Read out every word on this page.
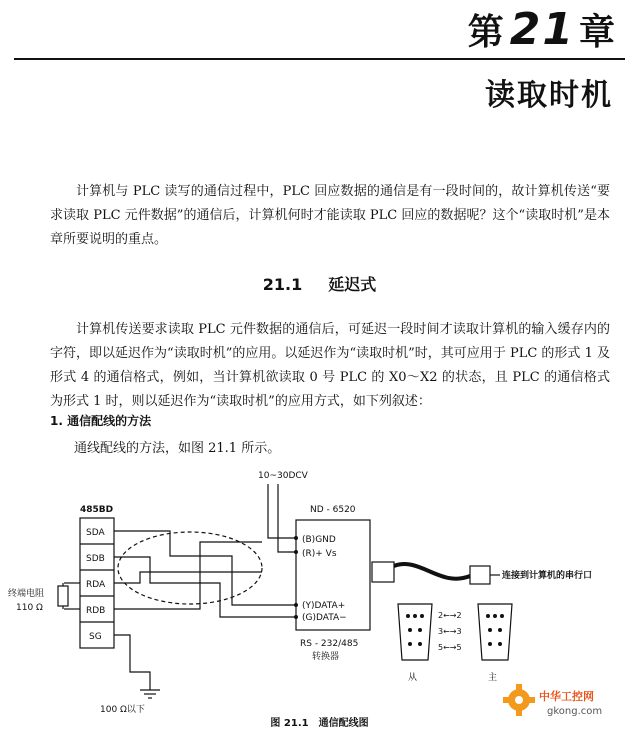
第21 章
读取时机

计算机与 PLC 读写的通信过程中，PLC 回应数据的通信是有一段时间的，故计算机传送“要求读取 PLC 元件数据”的通信后，计算机何时才能读取 PLC 回应的数据呢？这个“读取时机”是本章所要说明的重点。

21.1 延迟式

计算机传送要求读取 PLC 元件数据的通信后，可延迟一段时间才读取计算机的输入缓存内的字符，即以延迟作为“读取时机”的应用。以延迟作为“读取时机”时，其可应用于 PLC 的形式 1 及形式 4 的通信格式，例如，当计算机欲读取 0 号 PLC 的 X0～X2 的状态，且 PLC 的通信格式为形式 1 时，则以延迟作为“读取时机”的应用方式，如下列叙述：

1. 通信配线的方法

通线配线的方法，如图 21.1 所示。

485BD
SDA
SDB
RDA
RDB
SG
终端电阻
110 Ω
100 Ω以下
10~30DCV
ND - 6520
(B)GND
(R)+ Vs
(Y)DATA+
(G)DATA−
RS - 232/485
转换器
连接到计算机的串行口
2←→2
3←→3
5←→5
从	主
图 21.1　通信配线图
中华工控网
gkong.com
